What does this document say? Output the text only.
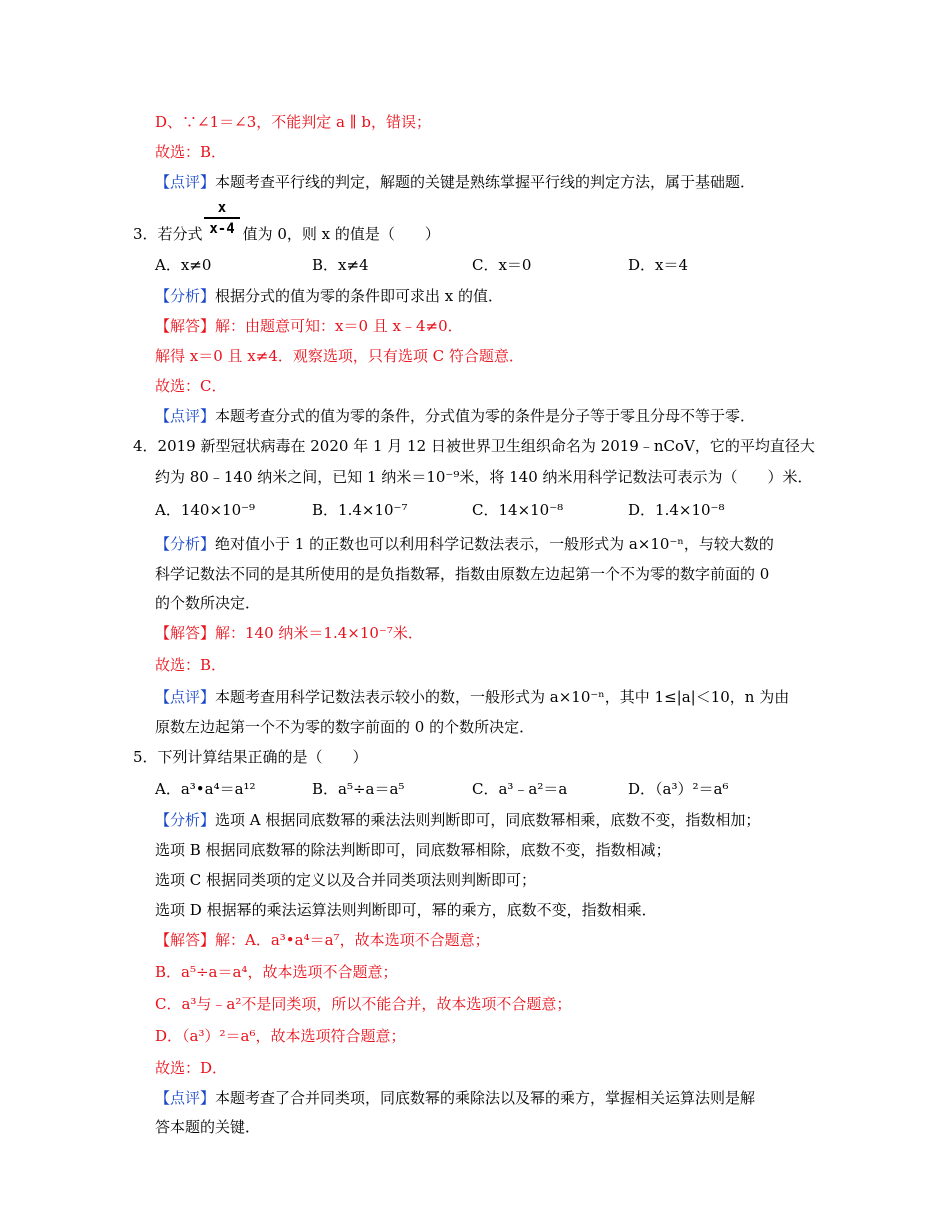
D、∵∠1＝∠3，不能判定 a ∥ b，错误；
故选：B．
【点评】本题考查平行线的判定，解题的关键是熟练掌握平行线的判定方法，属于基础题．
3．若分式	值为 0，则 x 的值是（　　）
x
x-4
A．x≠0	B．x≠4	C．x＝0	D．x＝4
【分析】根据分式的值为零的条件即可求出 x 的值．
【解答】解：由题意可知：x＝0 且 x﹣4≠0．
解得 x＝0 且 x≠4．观察选项，只有选项 C 符合题意．
故选：C．
【点评】本题考查分式的值为零的条件，分式值为零的条件是分子等于零且分母不等于零．
4．2019 新型冠状病毒在 2020 年 1 月 12 日被世界卫生组织命名为 2019﹣nCoV，它的平均直径大
约为 80﹣140 纳米之间，已知 1 纳米＝10⁻⁹米，将 140 纳米用科学记数法可表示为（　　）米．
A．140×10⁻⁹	B．1.4×10⁻⁷	C．14×10⁻⁸	D．1.4×10⁻⁸
【分析】绝对值小于 1 的正数也可以利用科学记数法表示，一般形式为 a×10⁻ⁿ，与较大数的
科学记数法不同的是其所使用的是负指数幂，指数由原数左边起第一个不为零的数字前面的 0
的个数所决定．
【解答】解：140 纳米＝1.4×10⁻⁷米．
故选：B．
【点评】本题考查用科学记数法表示较小的数，一般形式为 a×10⁻ⁿ，其中 1≤|a|＜10，n 为由
原数左边起第一个不为零的数字前面的 0 的个数所决定．
5．下列计算结果正确的是（　　）
A．a³•a⁴＝a¹²	B．a⁵÷a＝a⁵	C．a³﹣a²＝a	D．（a³）²＝a⁶
【分析】选项 A 根据同底数幂的乘法法则判断即可，同底数幂相乘，底数不变，指数相加；
选项 B 根据同底数幂的除法判断即可，同底数幂相除，底数不变，指数相减；
选项 C 根据同类项的定义以及合并同类项法则判断即可；
选项 D 根据幂的乘法运算法则判断即可，幂的乘方，底数不变，指数相乘．
【解答】解：A．a³•a⁴＝a⁷，故本选项不合题意；
B．a⁵÷a＝a⁴，故本选项不合题意；
C．a³与﹣a²不是同类项，所以不能合并，故本选项不合题意；
D．（a³）²＝a⁶，故本选项符合题意；
故选：D．
【点评】本题考查了合并同类项，同底数幂的乘除法以及幂的乘方，掌握相关运算法则是解
答本题的关键．
